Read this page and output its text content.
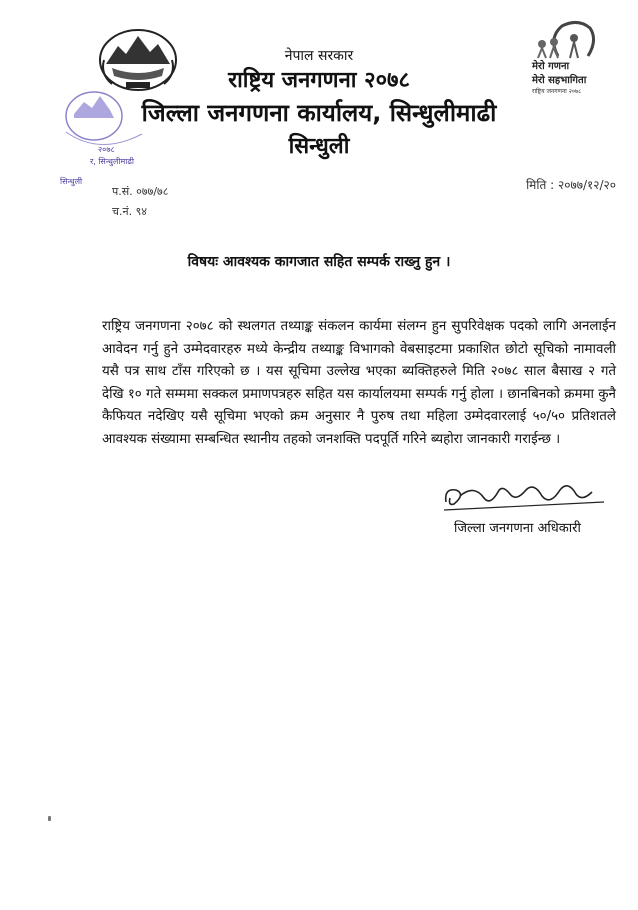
मेरो गणना
मेरो सहभागिता
राष्ट्रिय जनगणना २०७८
२०७८
र, सिन्धुलीमाढी
सिन्धुली
नेपाल सरकार
राष्ट्रिय जनगणना २०७८
जिल्ला जनगणना कार्यालय, सिन्धुलीमाढी
सिन्धुली
प.सं. ०७७/७८
च.नं. ९४
मिति : २०७७/१२/२०
विषयः आवश्यक कागजात सहित सम्पर्क राख्नु हुन ।
राष्ट्रिय जनगणना २०७८ को स्थलगत तथ्याङ्क संकलन कार्यमा संलग्न हुन सुपरिवेक्षक पदको लागि अनलाईन आवेदन गर्नु हुने उम्मेदवारहरु मध्ये केन्द्रीय तथ्याङ्क विभागको वेबसाइटमा प्रकाशित छोटो सूचिको नामावली यसै पत्र साथ टाँस गरिएको छ । यस सूचिमा उल्लेख भएका ब्यक्तिहरुले मिति २०७८ साल बैसाख २ गते देखि १० गते सम्ममा सक्कल प्रमाणपत्रहरु सहित यस कार्यालयमा सम्पर्क गर्नु होला । छानबिनको क्रममा कुनै कैफियत नदेखिए यसै सूचिमा भएको क्रम अनुसार नै पुरुष तथा महिला उम्मेदवारलाई ५०/५० प्रतिशतले आवश्यक संख्यामा सम्बन्धित स्थानीय तहको जनशक्ति पदपूर्ति गरिने ब्यहोरा जानकारी गराईन्छ ।
जिल्ला जनगणना अधिकारी
